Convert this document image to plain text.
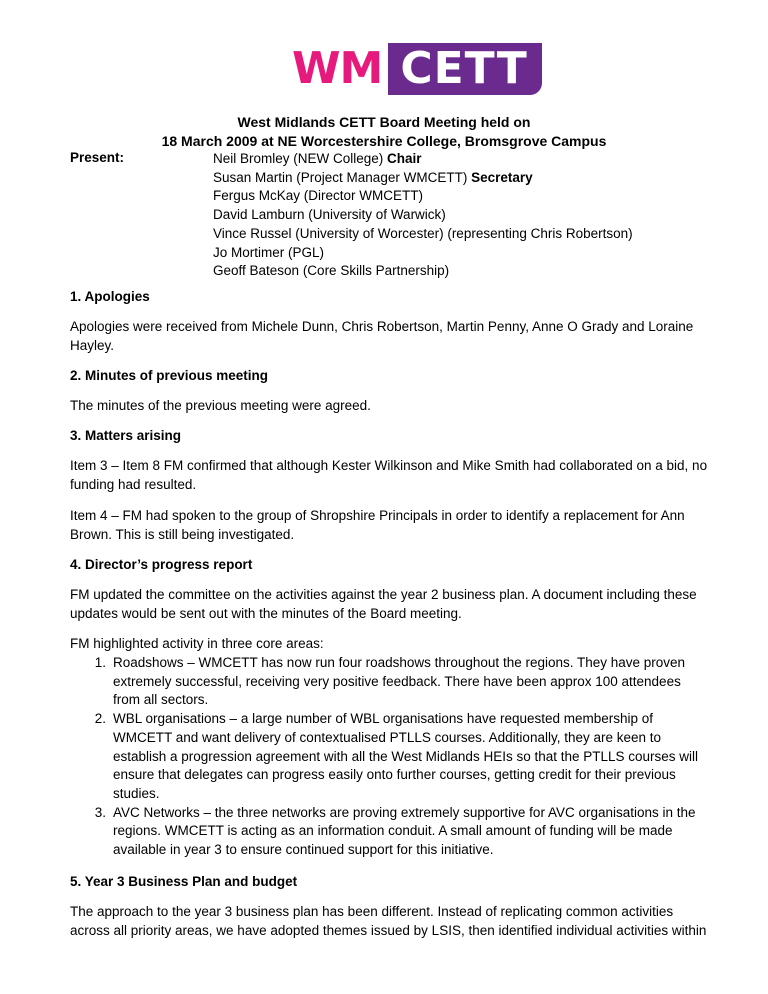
WM CETT
West Midlands CETT Board Meeting held on
18 March 2009 at NE Worcestershire College, Bromsgrove Campus
Present:	Neil Bromley (NEW College) Chair
Susan Martin (Project Manager WMCETT) Secretary
Fergus McKay (Director WMCETT)
David Lamburn (University of Warwick)
Vince Russel (University of Worcester) (representing Chris Robertson)
Jo Mortimer (PGL)
Geoff Bateson (Core Skills Partnership)
1. Apologies
Apologies were received from Michele Dunn, Chris Robertson, Martin Penny, Anne O Grady and Loraine Hayley.
2. Minutes of previous meeting
The minutes of the previous meeting were agreed.
3. Matters arising
Item 3 – Item 8 FM confirmed that although Kester Wilkinson and Mike Smith had collaborated on a bid, no funding had resulted.
Item 4 – FM had spoken to the group of Shropshire Principals in order to identify a replacement for Ann Brown. This is still being investigated.
4. Director’s progress report
FM updated the committee on the activities against the year 2 business plan. A document including these updates would be sent out with the minutes of the Board meeting.
FM highlighted activity in three core areas:
1. Roadshows – WMCETT has now run four roadshows throughout the regions. They have proven extremely successful, receiving very positive feedback. There have been approx 100 attendees from all sectors.
2. WBL organisations – a large number of WBL organisations have requested membership of WMCETT and want delivery of contextualised PTLLS courses. Additionally, they are keen to establish a progression agreement with all the West Midlands HEIs so that the PTLLS courses will ensure that delegates can progress easily onto further courses, getting credit for their previous studies.
3. AVC Networks – the three networks are proving extremely supportive for AVC organisations in the regions. WMCETT is acting as an information conduit. A small amount of funding will be made available in year 3 to ensure continued support for this initiative.
5. Year 3 Business Plan and budget
The approach to the year 3 business plan has been different. Instead of replicating common activities across all priority areas, we have adopted themes issued by LSIS, then identified individual activities within
